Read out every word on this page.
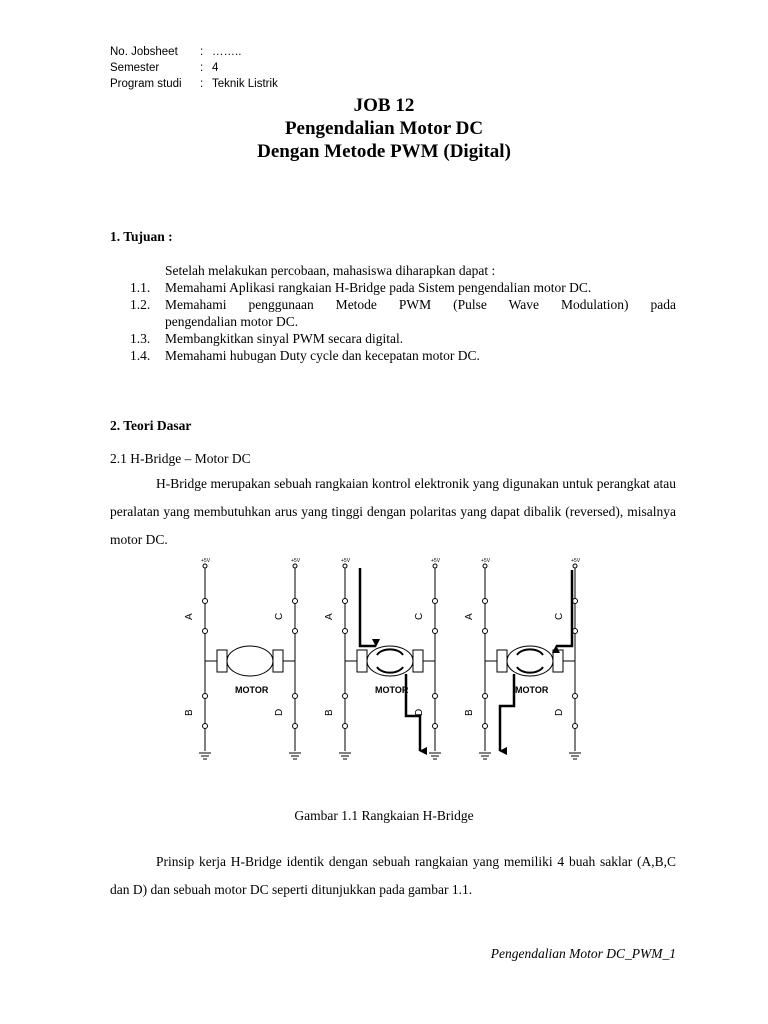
No. Jobsheet	: ……..
Semester	: 4
Program studi	: Teknik Listrik
JOB 12
Pengendalian Motor DC
Dengan Metode PWM (Digital)
1. Tujuan :
Setelah melakukan percobaan, mahasiswa diharapkan dapat :
1.1.	Memahami Aplikasi rangkaian H-Bridge pada Sistem pengendalian motor DC.
1.2.	Memahami penggunaan Metode PWM (Pulse Wave Modulation) pada
pengendalian motor DC.
1.3.	Membangkitkan sinyal PWM secara digital.
1.4.	Memahami hubugan Duty cycle dan kecepatan motor DC.
2. Teori Dasar
2.1 H-Bridge – Motor DC
H-Bridge merupakan sebuah rangkaian kontrol elektronik yang digunakan untuk perangkat atau peralatan yang membutuhkan arus yang tinggi dengan polaritas yang dapat dibalik (reversed), misalnya motor DC.
MOTOR
+5V	+5V
A
B
C
D
MOTOR
+5V	+5V
A
B
C
D
MOTOR
+5V	+5V
A
B
C
D
Gambar 1.1 Rangkaian H-Bridge
Prinsip kerja H-Bridge identik dengan sebuah rangkaian yang memiliki 4 buah saklar (A,B,C dan D) dan sebuah motor DC seperti ditunjukkan pada gambar 1.1.
Pengendalian Motor DC_PWM_1
